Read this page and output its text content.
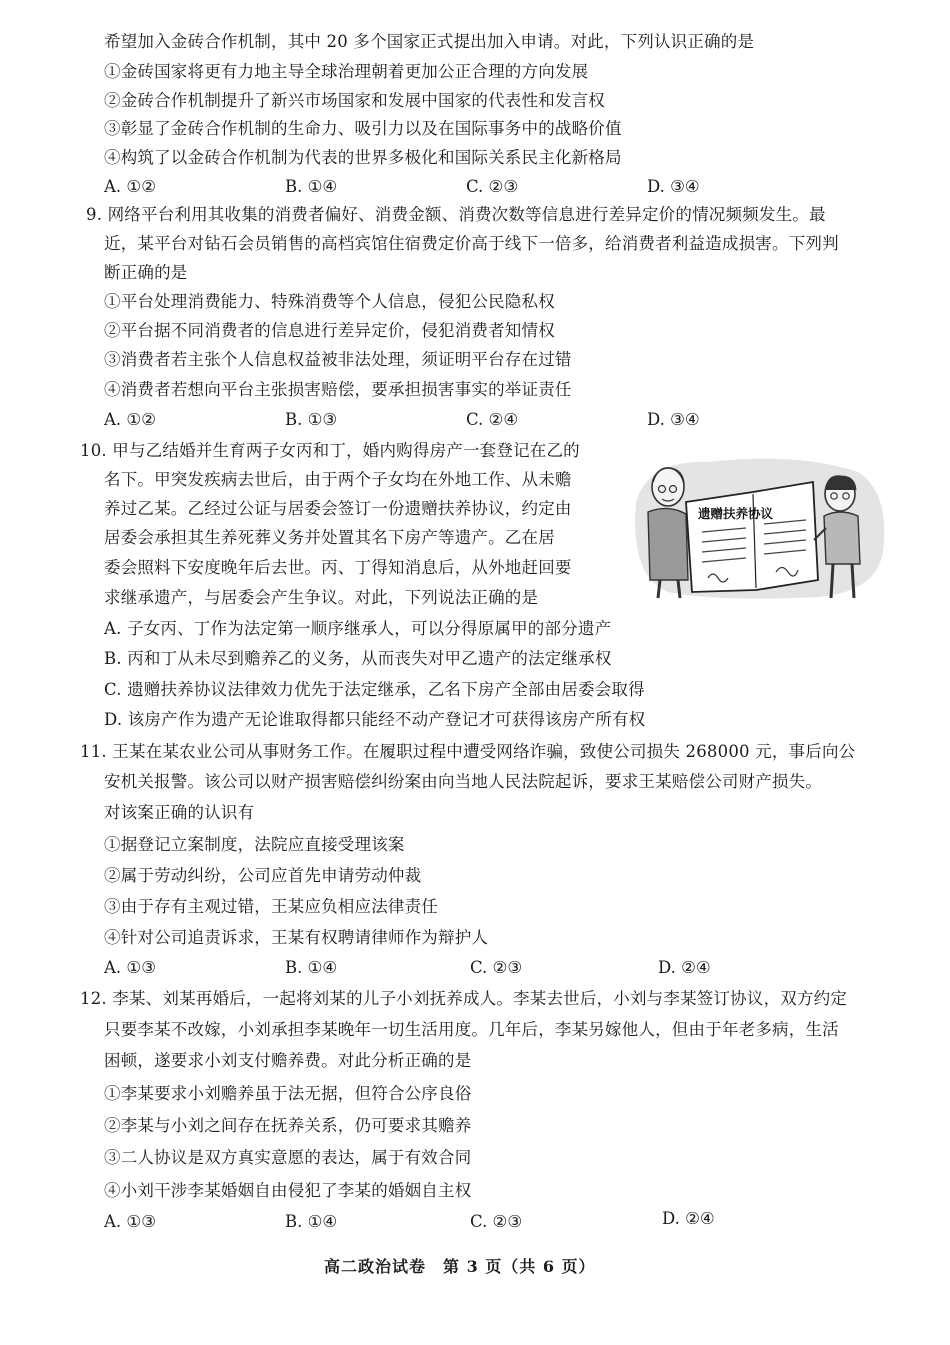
希望加入金砖合作机制，其中 20 多个国家正式提出加入申请。对此，下列认识正确的是
①金砖国家将更有力地主导全球治理朝着更加公正合理的方向发展
②金砖合作机制提升了新兴市场国家和发展中国家的代表性和发言权
③彰显了金砖合作机制的生命力、吸引力以及在国际事务中的战略价值
④构筑了以金砖合作机制为代表的世界多极化和国际关系民主化新格局
A. ①②	B. ①④	C. ②③	D. ③④
9. 网络平台利用其收集的消费者偏好、消费金额、消费次数等信息进行差异定价的情况频频发生。最
近，某平台对钻石会员销售的高档宾馆住宿费定价高于线下一倍多，给消费者利益造成损害。下列判
断正确的是
①平台处理消费能力、特殊消费等个人信息，侵犯公民隐私权
②平台据不同消费者的信息进行差异定价，侵犯消费者知情权
③消费者若主张个人信息权益被非法处理，须证明平台存在过错
④消费者若想向平台主张损害赔偿，要承担损害事实的举证责任
A. ①②	B. ①③	C. ②④	D. ③④
10. 甲与乙结婚并生育两子女丙和丁，婚内购得房产一套登记在乙的
名下。甲突发疾病去世后，由于两个子女均在外地工作、从未赡
养过乙某。乙经过公证与居委会签订一份遗赠扶养协议，约定由
居委会承担其生养死葬义务并处置其名下房产等遗产。乙在居
委会照料下安度晚年后去世。丙、丁得知消息后，从外地赶回要
求继承遗产，与居委会产生争议。对此，下列说法正确的是
遗赠扶养协议
A. 子女丙、丁作为法定第一顺序继承人，可以分得原属甲的部分遗产
B. 丙和丁从未尽到赡养乙的义务，从而丧失对甲乙遗产的法定继承权
C. 遗赠扶养协议法律效力优先于法定继承，乙名下房产全部由居委会取得
D. 该房产作为遗产无论谁取得都只能经不动产登记才可获得该房产所有权
11. 王某在某农业公司从事财务工作。在履职过程中遭受网络诈骗，致使公司损失 268000 元，事后向公
安机关报警。该公司以财产损害赔偿纠纷案由向当地人民法院起诉，要求王某赔偿公司财产损失。
对该案正确的认识有
①据登记立案制度，法院应直接受理该案
②属于劳动纠纷，公司应首先申请劳动仲裁
③由于存有主观过错，王某应负相应法律责任
④针对公司追责诉求，王某有权聘请律师作为辩护人
A. ①③	B. ①④	C. ②③	D. ②④
12. 李某、刘某再婚后，一起将刘某的儿子小刘抚养成人。李某去世后，小刘与李某签订协议，双方约定
只要李某不改嫁，小刘承担李某晚年一切生活用度。几年后，李某另嫁他人，但由于年老多病，生活
困顿，遂要求小刘支付赡养费。对此分析正确的是
①李某要求小刘赡养虽于法无据，但符合公序良俗
②李某与小刘之间存在抚养关系，仍可要求其赡养
③二人协议是双方真实意愿的表达，属于有效合同
④小刘干涉李某婚姻自由侵犯了李某的婚姻自主权
A. ①③	B. ①④	C. ②③	D. ②④
高二政治试卷　第 3 页（共 6 页）
